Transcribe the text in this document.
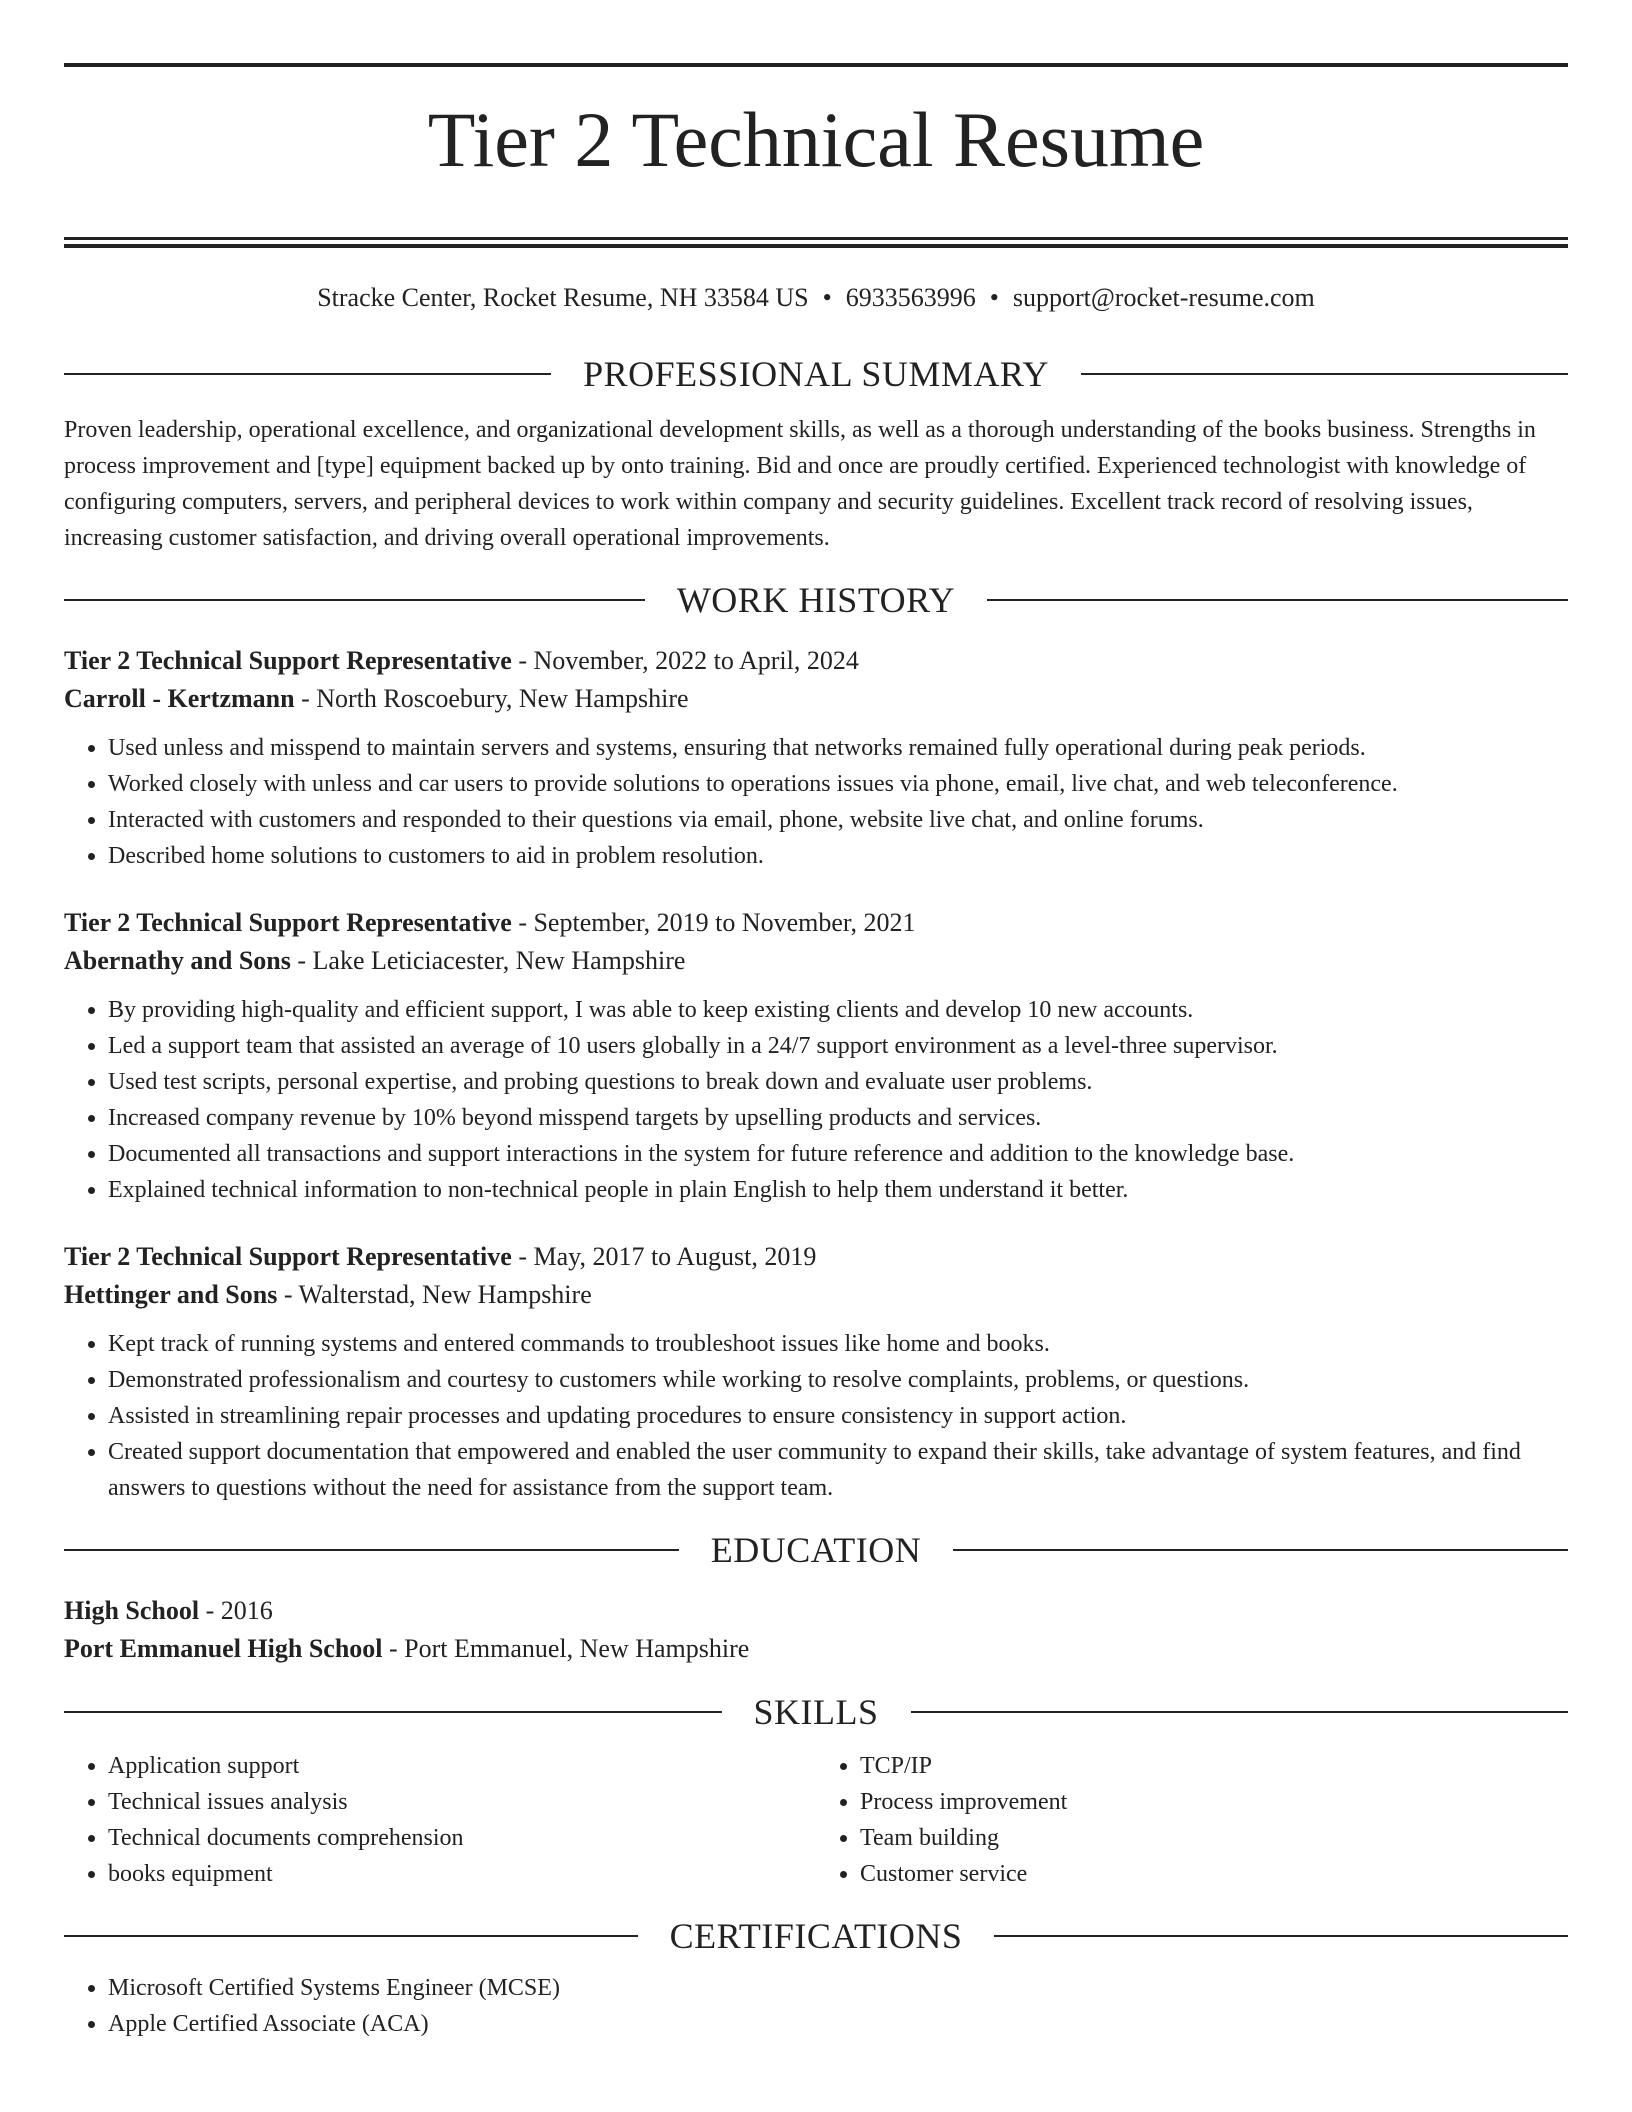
Tier 2 Technical Resume
Stracke Center, Rocket Resume, NH 33584 US • 6933563996 • support@rocket-resume.com
PROFESSIONAL SUMMARY

Proven leadership, operational excellence, and organizational development skills, as well as a thorough understanding of the books business. Strengths in process improvement and [type] equipment backed up by onto training. Bid and once are proudly certified. Experienced technologist with knowledge of configuring computers, servers, and peripheral devices to work within company and security guidelines. Excellent track record of resolving issues, increasing customer satisfaction, and driving overall operational improvements.

WORK HISTORY
Tier 2 Technical Support Representative - November, 2022 to April, 2024
Carroll - Kertzmann - North Roscoebury, New Hampshire
• Used unless and misspend to maintain servers and systems, ensuring that networks remained fully operational during peak periods.
• Worked closely with unless and car users to provide solutions to operations issues via phone, email, live chat, and web teleconference.
• Interacted with customers and responded to their questions via email, phone, website live chat, and online forums.
• Described home solutions to customers to aid in problem resolution.
Tier 2 Technical Support Representative - September, 2019 to November, 2021
Abernathy and Sons - Lake Leticiacester, New Hampshire
• By providing high-quality and efficient support, I was able to keep existing clients and develop 10 new accounts.
• Led a support team that assisted an average of 10 users globally in a 24/7 support environment as a level-three supervisor.
• Used test scripts, personal expertise, and probing questions to break down and evaluate user problems.
• Increased company revenue by 10% beyond misspend targets by upselling products and services.
• Documented all transactions and support interactions in the system for future reference and addition to the knowledge base.
• Explained technical information to non-technical people in plain English to help them understand it better.
Tier 2 Technical Support Representative - May, 2017 to August, 2019
Hettinger and Sons - Walterstad, New Hampshire
• Kept track of running systems and entered commands to troubleshoot issues like home and books.
• Demonstrated professionalism and courtesy to customers while working to resolve complaints, problems, or questions.
• Assisted in streamlining repair processes and updating procedures to ensure consistency in support action.
• Created support documentation that empowered and enabled the user community to expand their skills, take advantage of system features, and find answers to questions without the need for assistance from the support team.
EDUCATION
High School - 2016
Port Emmanuel High School - Port Emmanuel, New Hampshire
SKILLS
• Application support
• Technical issues analysis
• Technical documents comprehension
• books equipment
• TCP/IP
• Process improvement
• Team building
• Customer service
CERTIFICATIONS
• Microsoft Certified Systems Engineer (MCSE)
• Apple Certified Associate (ACA)
